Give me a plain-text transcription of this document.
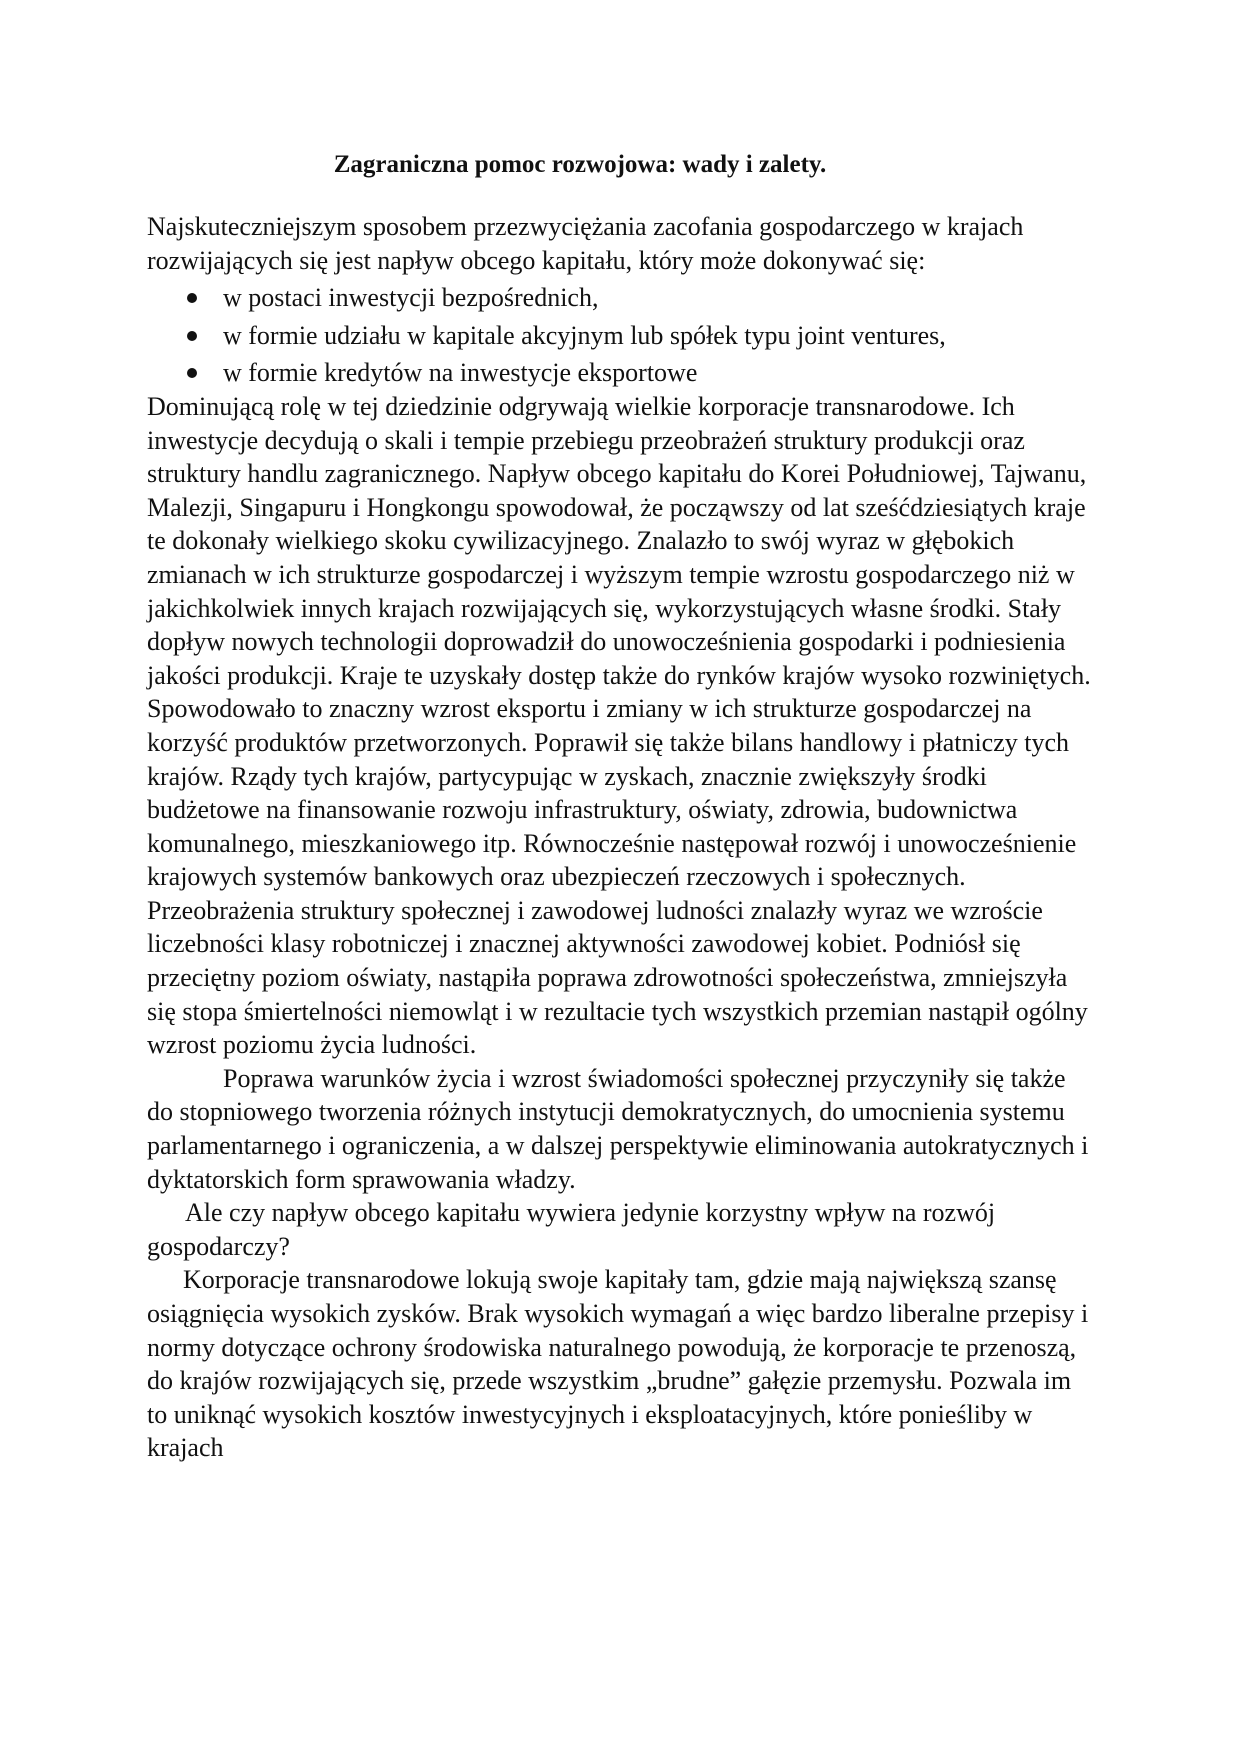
Zagraniczna pomoc rozwojowa: wady i zalety.

Najskuteczniejszym sposobem przezwyciężania zacofania gospodarczego w krajach rozwijających się jest napływ obcego kapitału, który może dokonywać się:

w postaci inwestycji bezpośrednich,
w formie udziału w kapitale akcyjnym lub spółek typu joint ventures,
w formie kredytów na inwestycje eksportowe

Dominującą rolę w tej dziedzinie odgrywają wielkie korporacje transnarodowe. Ich inwestycje decydują o skali i tempie przebiegu przeobrażeń struktury produkcji oraz struktury handlu zagranicznego. Napływ obcego kapitału do Korei Południowej, Tajwanu, Malezji, Singapuru i Hongkongu spowodował, że począwszy od lat sześćdziesiątych kraje te dokonały wielkiego skoku cywilizacyjnego. Znalazło to swój wyraz w głębokich zmianach w ich strukturze gospodarczej i wyższym tempie wzrostu gospodarczego niż w jakichkolwiek innych krajach rozwijających się, wykorzystujących własne środki. Stały dopływ nowych technologii doprowadził do unowocześnienia gospodarki i podniesienia jakości produkcji. Kraje te uzyskały dostęp także do rynków krajów wysoko rozwiniętych. Spowodowało to znaczny wzrost eksportu i zmiany w ich strukturze gospodarczej na korzyść produktów przetworzonych. Poprawił się także bilans handlowy i płatniczy tych krajów. Rządy tych krajów, partycypując w zyskach, znacznie zwiększyły środki budżetowe na finansowanie rozwoju infrastruktury, oświaty, zdrowia, budownictwa komunalnego, mieszkaniowego itp. Równocześnie następował rozwój i unowocześnienie krajowych systemów bankowych oraz ubezpieczeń rzeczowych i społecznych. Przeobrażenia struktury społecznej i zawodowej ludności znalazły wyraz we wzroście liczebności klasy robotniczej i znacznej aktywności zawodowej kobiet. Podniósł się przeciętny poziom oświaty, nastąpiła poprawa zdrowotności społeczeństwa, zmniejszyła się stopa śmiertelności niemowląt i w rezultacie tych wszystkich przemian nastąpił ogólny wzrost poziomu życia ludności.

Poprawa warunków życia i wzrost świadomości społecznej przyczyniły się także do stopniowego tworzenia różnych instytucji demokratycznych, do umocnienia systemu parlamentarnego i ograniczenia, a w dalszej perspektywie eliminowania autokratycznych i dyktatorskich form sprawowania władzy.

Ale czy napływ obcego kapitału wywiera jedynie korzystny wpływ na rozwój gospodarczy?

Korporacje transnarodowe lokują swoje kapitały tam, gdzie mają największą szansę osiągnięcia wysokich zysków. Brak wysokich wymagań a więc bardzo liberalne przepisy i normy dotyczące ochrony środowiska naturalnego powodują, że korporacje te przenoszą, do krajów rozwijających się, przede wszystkim „brudne” gałęzie przemysłu. Pozwala im to uniknąć wysokich kosztów inwestycyjnych i eksploatacyjnych, które ponieśliby w krajach
